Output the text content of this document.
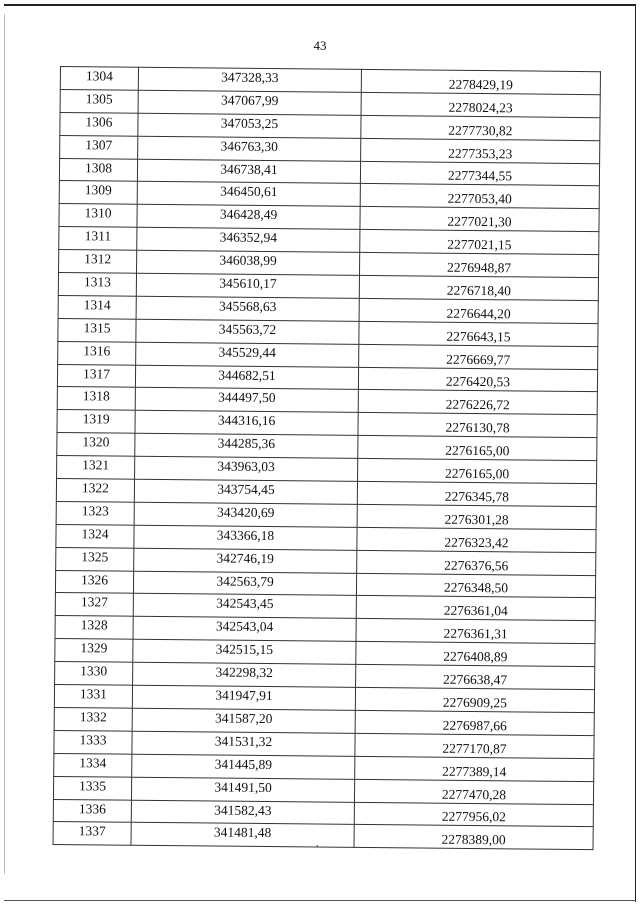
43
1304	347328,33	2278429,19
1305	347067,99	2278024,23
1306	347053,25	2277730,82
1307	346763,30	2277353,23
1308	346738,41	2277344,55
1309	346450,61	2277053,40
1310	346428,49	2277021,30
1311	346352,94	2277021,15
1312	346038,99	2276948,87
1313	345610,17	2276718,40
1314	345568,63	2276644,20
1315	345563,72	2276643,15
1316	345529,44	2276669,77
1317	344682,51	2276420,53
1318	344497,50	2276226,72
1319	344316,16	2276130,78
1320	344285,36	2276165,00
1321	343963,03	2276165,00
1322	343754,45	2276345,78
1323	343420,69	2276301,28
1324	343366,18	2276323,42
1325	342746,19	2276376,56
1326	342563,79	2276348,50
1327	342543,45	2276361,04
1328	342543,04	2276361,31
1329	342515,15	2276408,89
1330	342298,32	2276638,47
1331	341947,91	2276909,25
1332	341587,20	2276987,66
1333	341531,32	2277170,87
1334	341445,89	2277389,14
1335	341491,50	2277470,28
1336	341582,43	2277956,02
1337	341481,48	2278389,00
,
